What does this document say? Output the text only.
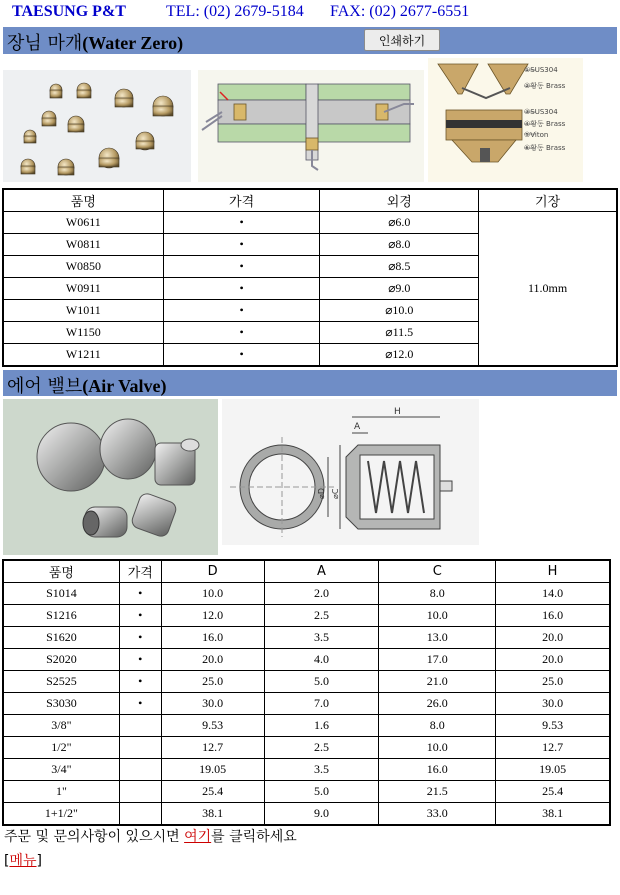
TAESUNG P&T	TEL: (02) 2679-5184 FAX: (02) 2677-6551
장님 마개(Water Zero)	인쇄하기
①SUS304
②황동 Brass
③SUS304
④황동 Brass
⑤Viton
⑥황동 Brass
품명	가격	외경	기장
W0611	•	⌀6.0	11.0mm
W0811	•	⌀8.0	
W0850	•	⌀8.5	
W0911	•	⌀9.0	
W1011	•	⌀10.0	
W1150	•	⌀11.5	
W1211	•	⌀12.0	
에어 밸브(Air Valve)
H
A
⌀D ⌀C
품명	가격	D	A	C	H
S1014	•	10.0	2.0	8.0	14.0
S1216	•	12.0	2.5	10.0	16.0
S1620	•	16.0	3.5	13.0	20.0
S2020	•	20.0	4.0	17.0	20.0
S2525	•	25.0	5.0	21.0	25.0
S3030	•	30.0	7.0	26.0	30.0
3/8"		9.53	1.6	8.0	9.53
1/2"		12.7	2.5	10.0	12.7
3/4"		19.05	3.5	16.0	19.05
1"		25.4	5.0	21.5	25.4
1+1/2"		38.1	9.0	33.0	38.1
주문 및 문의사항이 있으시면 여기를 클릭하세요
[메뉴]
